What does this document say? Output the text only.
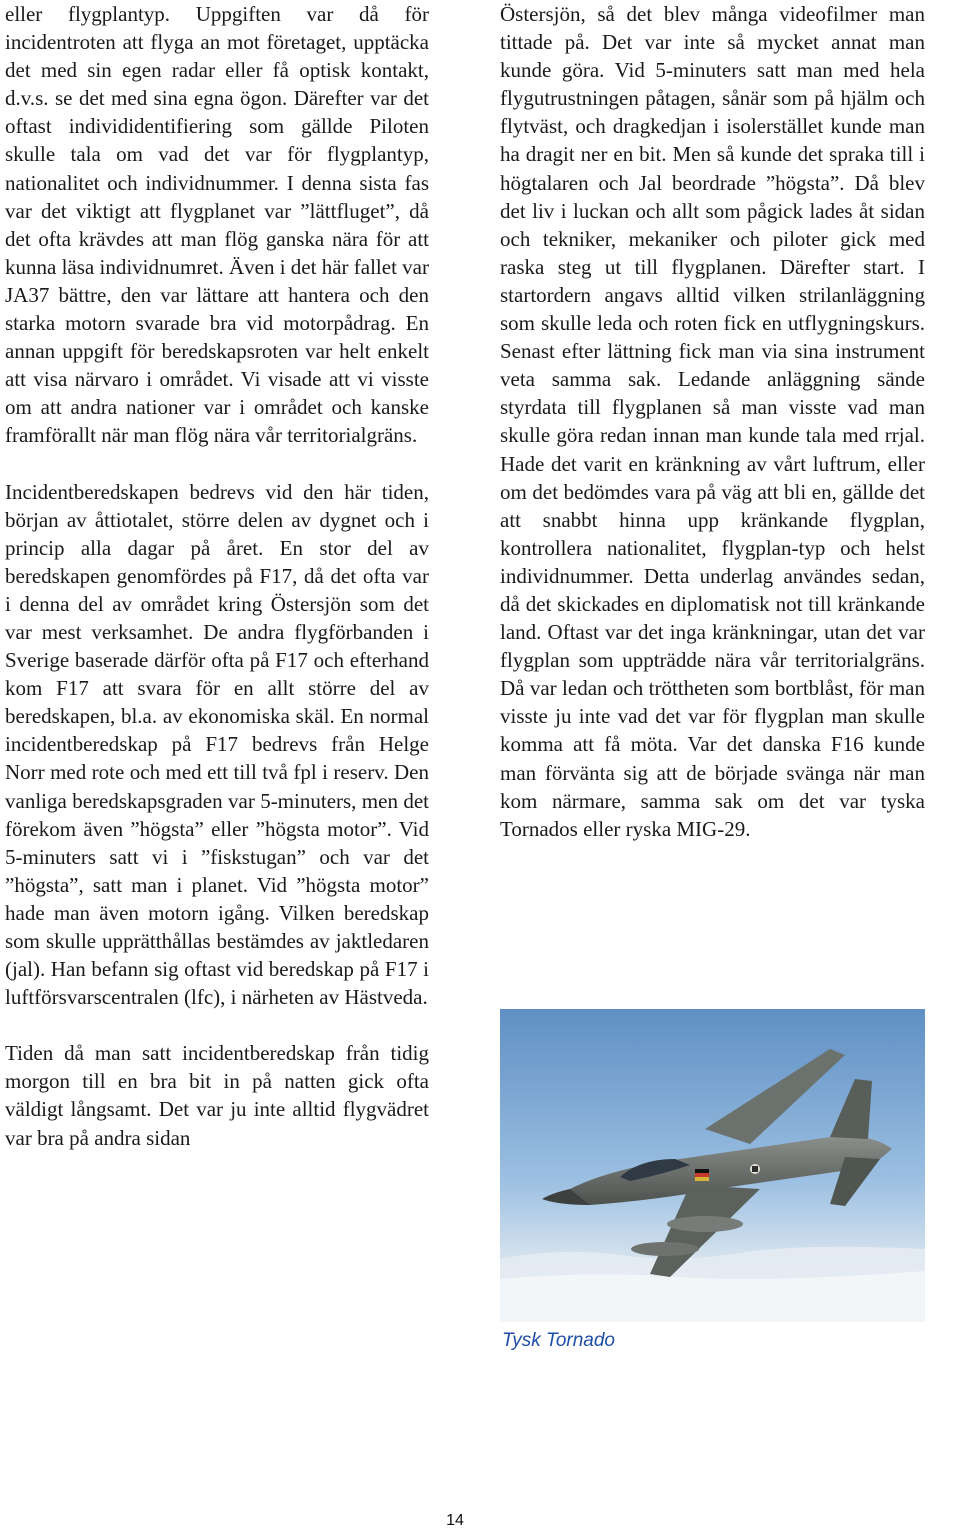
eller flygplantyp. Uppgiften var då för incidentroten att flyga an mot företaget, upptäcka det med sin egen radar eller få optisk kontakt, d.v.s. se det med sina egna ögon. Därefter var det oftast individidentifiering som gällde Piloten skulle tala om vad det var för flygplantyp, nationalitet och individnummer. I denna sista fas var det viktigt att flygplanet var ”lättfluget”, då det ofta krävdes att man flög ganska nära för att kunna läsa individnumret. Även i det här fallet var JA37 bättre, den var lättare att hantera och den starka motorn svarade bra vid motorpådrag. En annan uppgift för beredskapsroten var helt enkelt att visa närvaro i området. Vi visade att vi visste om att andra nationer var i området och kanske framförallt när man flög nära vår territorialgräns.

Incidentberedskapen bedrevs vid den här tiden, början av åttiotalet, större delen av dygnet och i princip alla dagar på året. En stor del av beredskapen genomfördes på F17, då det ofta var i denna del av området kring Östersjön som det var mest verksamhet. De andra flygförbanden i Sverige baserade därför ofta på F17 och efterhand kom F17 att svara för en allt större del av beredskapen, bl.a. av ekonomiska skäl. En normal incidentberedskap på F17 bedrevs från Helge Norr med rote och med ett till två fpl i reserv. Den vanliga beredskapsgraden var 5-minuters, men det förekom även ”högsta” eller ”högsta motor”. Vid 5-minuters satt vi i ”fiskstugan” och var det ”högsta”, satt man i planet. Vid ”högsta motor” hade man även motorn igång. Vilken beredskap som skulle upprätthållas bestämdes av jaktledaren (jal). Han befann sig oftast vid beredskap på F17 i luftförsvarscentralen (lfc), i närheten av Hästveda.

Tiden då man satt incidentberedskap från tidig morgon till en bra bit in på natten gick ofta väldigt långsamt. Det var ju inte alltid flygvädret var bra på andra sidan

Östersjön, så det blev många videofilmer man tittade på. Det var inte så mycket annat man kunde göra. Vid 5-minuters satt man med hela flygutrustningen påtagen, sånär som på hjälm och flytväst, och dragkedjan i isolerstället kunde man ha dragit ner en bit. Men så kunde det spraka till i högtalaren och Jal beordrade ”högsta”. Då blev det liv i luckan och allt som pågick lades åt sidan och tekniker, mekaniker och piloter gick med raska steg ut till flygplanen. Därefter start. I startordern angavs alltid vilken strilanläggning som skulle leda och roten fick en utflygningskurs. Senast efter lättning fick man via sina instrument veta samma sak. Ledande anläggning sände styrdata till flygplanen så man visste vad man skulle göra redan innan man kunde tala med rrjal. Hade det varit en kränkning av vårt luftrum, eller om det bedömdes vara på väg att bli en, gällde det att snabbt hinna upp kränkande flygplan, kontrollera nationalitet, flygplan-typ och helst individnummer. Detta underlag användes sedan, då det skickades en diplomatisk not till kränkande land. Oftast var det inga kränkningar, utan det var flygplan som uppträdde nära vår territorialgräns. Då var ledan och tröttheten som bortblåst, för man visste ju inte vad det var för flygplan man skulle komma att få möta. Var det danska F16 kunde man förvänta sig att de började svänga när man kom närmare, samma sak om det var tyska Tornados eller ryska MIG-29.

Tysk Tornado
14
